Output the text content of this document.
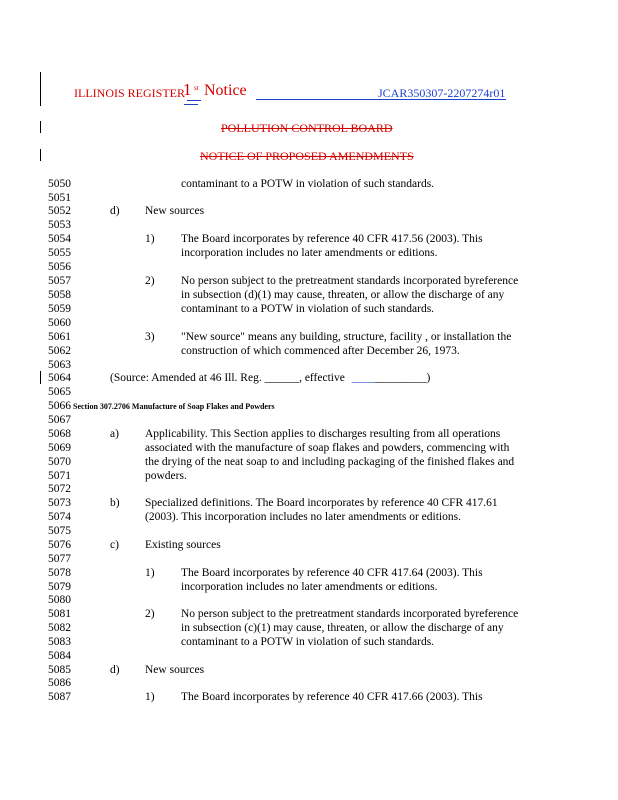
ILLINOIS REGISTER
1 st Notice	JCAR350307-2207274r01
POLLUTION CONTROL BOARD
NOTICE OF PROPOSED AMENDMENTS
5050
5051
5052
5053
5054
5055
5056
5057
5058
5059
5060
5061
5062
5063
5064
5065
5066
5067
5068
5069
5070
5071
5072
5073
5074
5075
5076
5077
5078
5079
5080
5081
5082
5083
5084
5085
5086
5087
contaminant to a POTW in violation of such standards.
d) New sources
1) The Board incorporates by reference 40 CFR 417.56 (2003). This
incorporation includes no later amendments or editions.
2) No person subject to the pretreatment standards incorporated byreference
in subsection (d)(1) may cause, threaten, or allow the discharge of any
contaminant to a POTW in violation of such standards.
3) "New source" means any building, structure, facility , or installation the
construction of which commenced after December 26, 1973.
(Source: Amended at 46 Ill. Reg. ______, effective _____________)
Section 307.2706 Manufacture of Soap Flakes and Powders
a) Applicability. This Section applies to discharges resulting from all operations
associated with the manufacture of soap flakes and powders, commencing with
the drying of the neat soap to and including packaging of the finished flakes and
powders.
b) Specialized definitions. The Board incorporates by reference 40 CFR 417.61
(2003). This incorporation includes no later amendments or editions.
c) Existing sources
1) The Board incorporates by reference 40 CFR 417.64 (2003). This
incorporation includes no later amendments or editions.
2) No person subject to the pretreatment standards incorporated byreference
in subsection (c)(1) may cause, threaten, or allow the discharge of any
contaminant to a POTW in violation of such standards.
d) New sources
1) The Board incorporates by reference 40 CFR 417.66 (2003). This
